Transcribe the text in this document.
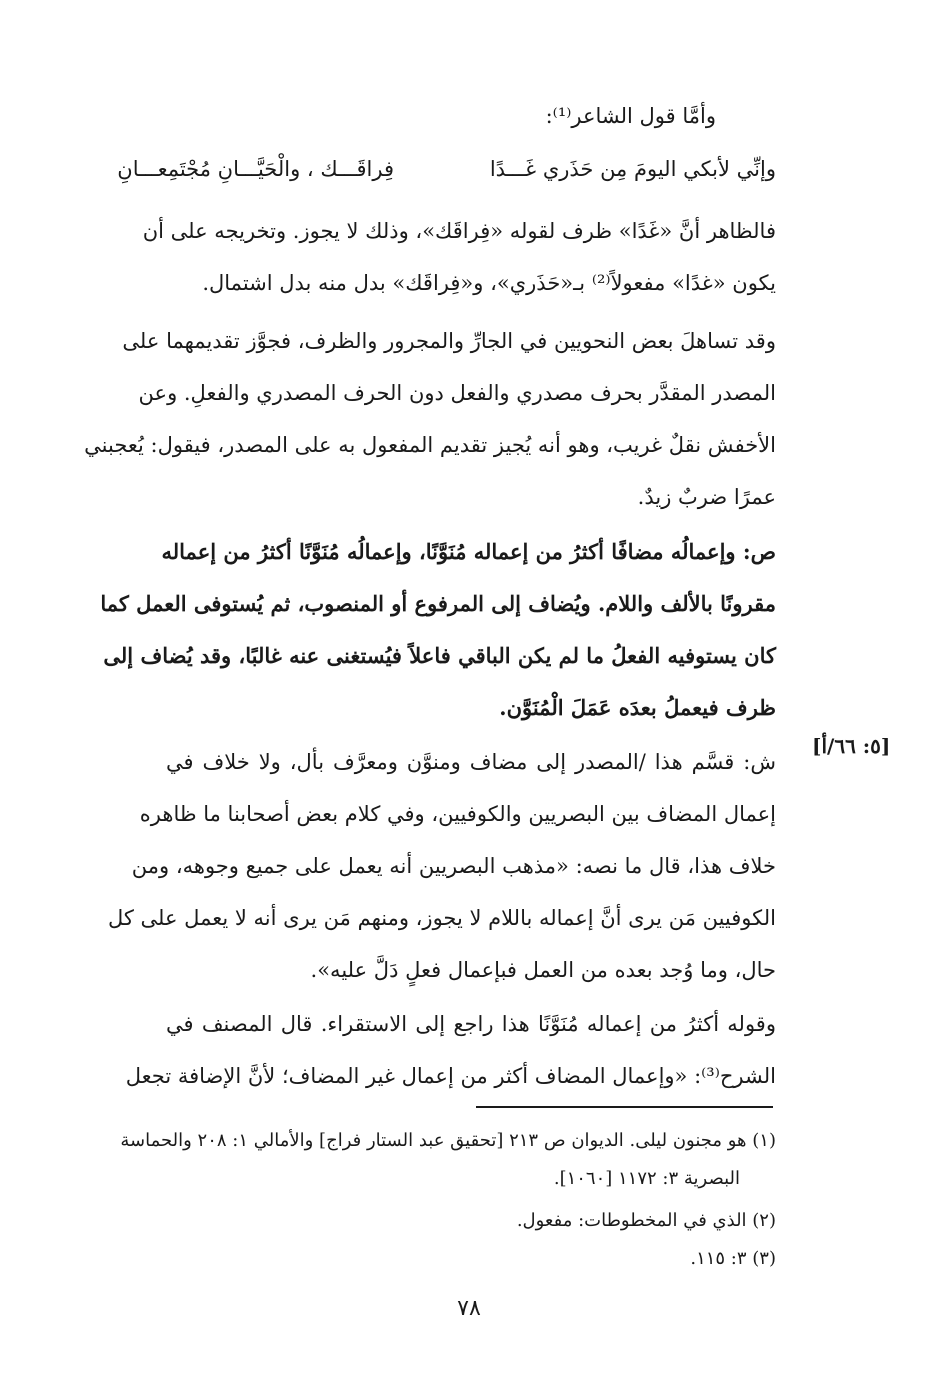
وأمَّا قول الشاعر⁽¹⁾:
وإنِّي لأبكي اليومَ مِن حَذَري غَـــدًا
فِراقَـــك ، والْحَيَّـــانِ مُجْتَمِعـــانِ
فالظاهر أنَّ «غَدًا» ظرف لقوله «فِراقَك»، وذلك لا يجوز. وتخريجه على أن
يكون «غدًا» مفعولاً⁽²⁾ بـ«حَذَري»، و«فِراقَك» بدل منه بدل اشتمال.
وقد تساهلَ بعض النحويين في الجارِّ والمجرور والظرف، فجوَّز تقديمهما على
المصدر المقدَّر بحرف مصدري والفعل دون الحرف المصدري والفعلِ. وعن
الأخفش نقلٌ غريب، وهو أنه يُجيز تقديم المفعول به على المصدر، فيقول: يُعجبني
عمرًا ضربٌ زيدٌ.
ص: وإعمالُه مضافًا أكثرُ من إعماله مُنَوَّنًا، وإعمالُه مُنَوَّنًا أكثرُ من إعماله
مقرونًا بالألف واللام. ويُضاف إلى المرفوع أو المنصوب، ثم يُستوفى العمل كما
كان يستوفيه الفعلُ ما لم يكن الباقي فاعلاً فيُستغنى عنه غالبًا، وقد يُضاف إلى
ظرف فيعملُ بعدَه عَمَلَ الْمُنَوَّن.
[٥: ٦٦/أ]
ش: قسَّم هذا /المصدر إلى مضاف ومنوَّن ومعرَّف بأل، ولا خلاف في
إعمال المضاف بين البصريين والكوفيين، وفي كلام بعض أصحابنا ما ظاهره
خلاف هذا، قال ما نصه: «مذهب البصريين أنه يعمل على جميع وجوهه، ومن
الكوفيين مَن يرى أنَّ إعماله باللام لا يجوز، ومنهم مَن يرى أنه لا يعمل على كل
حال، وما وُجد بعده من العمل فبإعمال فعلٍ دَلَّ عليه».
وقوله أكثرُ من إعماله مُنَوَّنًا هذا راجع إلى الاستقراء. قال المصنف في
الشرح⁽³⁾: «وإعمال المضاف أكثر من إعمال غير المضاف؛ لأنَّ الإضافة تجعل
(١) هو مجنون ليلى. الديوان ص ٢١٣ [تحقيق عبد الستار فراج] والأمالي ١: ٢٠٨ والحماسة
البصرية ٣: ١١٧٢ [١٠٦٠].
(٢) الذي في المخطوطات: مفعول.
(٣) ٣: ١١٥.
٧٨
